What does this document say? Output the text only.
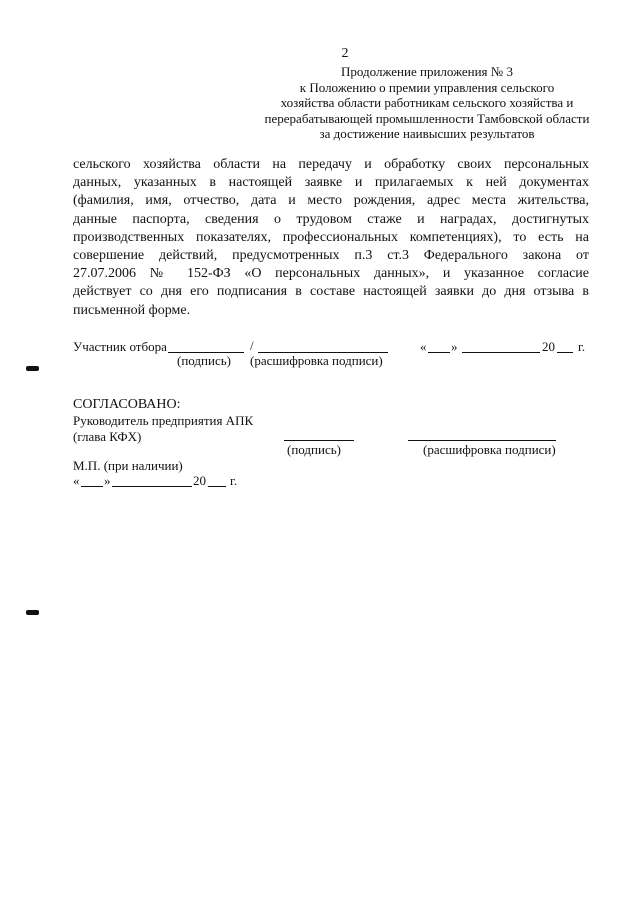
2
Продолжение приложения № 3
к Положению о премии управления сельского
хозяйства области работникам сельского хозяйства и
перерабатывающей промышленности Тамбовской области
за достижение наивысших результатов
сельского хозяйства области на передачу и обработку своих персональных
данных, указанных в настоящей заявке и прилагаемых к ней документах
(фамилия, имя, отчество, дата и место рождения, адрес места жительства,
данные паспорта, сведения о трудовом стаже и наградах, достигнутых
производственных показателях, профессиональных компетенциях), то есть на
совершение действий, предусмотренных п.3 ст.3 Федерального закона от
27.07.2006 № 152-ФЗ «О персональных данных», и указанное согласие
действует со дня его подписания в составе настоящей заявки до дня отзыва в
письменной форме.
Участник отбора	/	« »	20 г.
(подпись) (расшифровка подписи)
СОГЛАСОВАНО:
Руководитель предприятия АПК
(глава КФХ)
(подпись)	(расшифровка подписи)
М.П. (при наличии)
« »	20 г.
